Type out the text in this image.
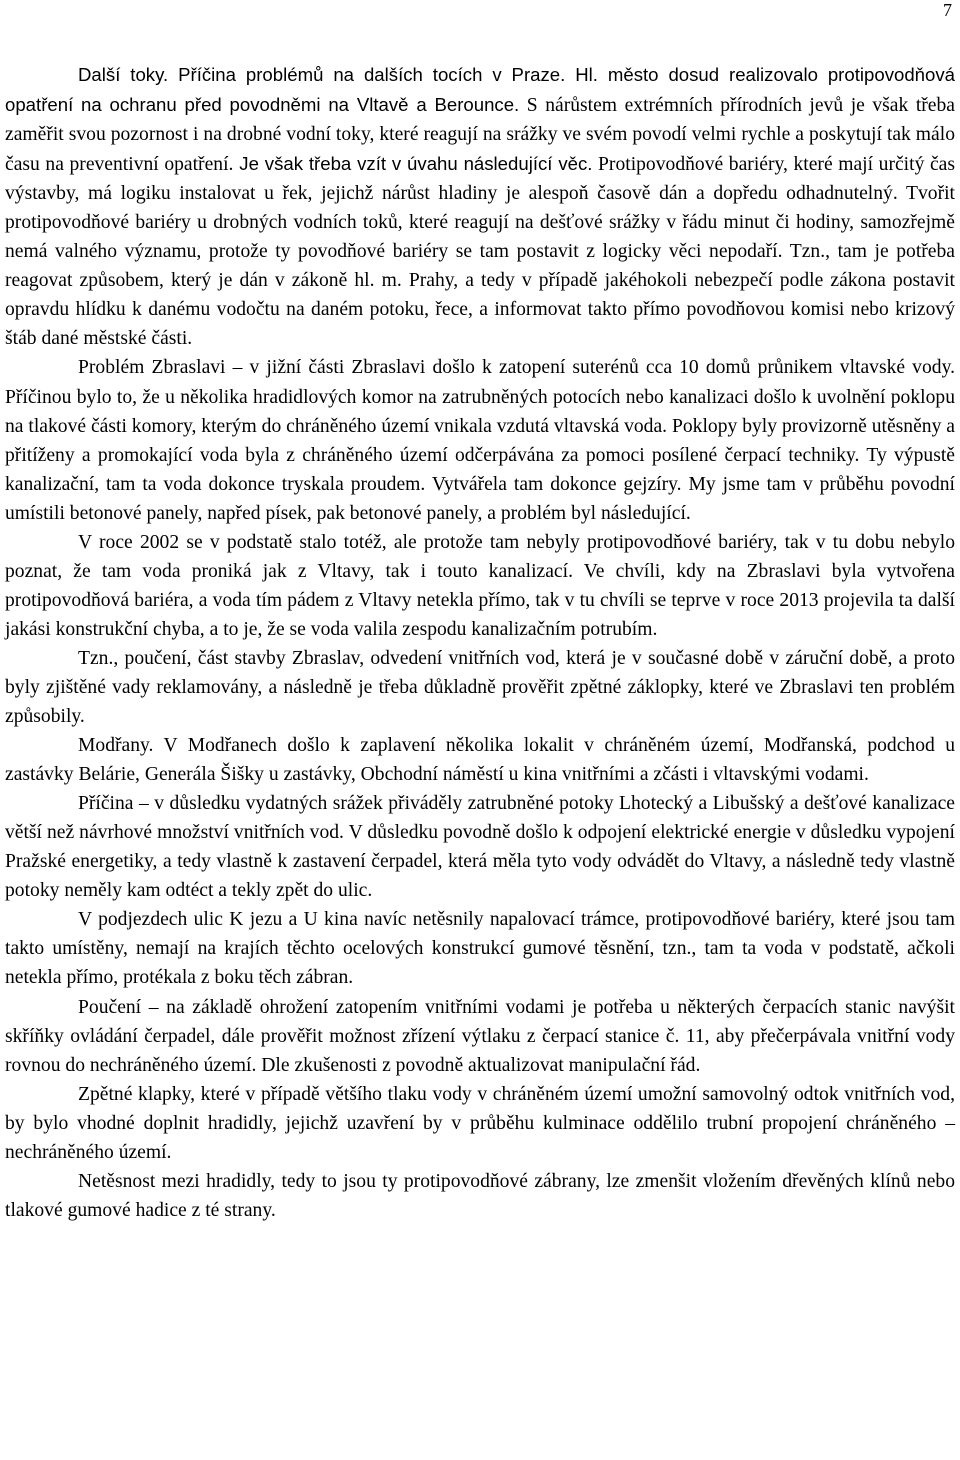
7

Další toky. Příčina problémů na dalších tocích v Praze. Hl. město dosud realizovalo protipovodňová opatření na ochranu před povodněmi na Vltavě a Berounce. S nárůstem extrémních přírodních jevů je však třeba zaměřit svou pozornost i na drobné vodní toky, které reagují na srážky ve svém povodí velmi rychle a poskytují tak málo času na preventivní opatření. Je však třeba vzít v úvahu následující věc. Protipovodňové bariéry, které mají určitý čas výstavby, má logiku instalovat u řek, jejichž nárůst hladiny je alespoň časově dán a dopředu odhadnutelný. Tvořit protipovodňové bariéry u drobných vodních toků, které reagují na dešťové srážky v řádu minut či hodiny, samozřejmě nemá valného významu, protože ty povodňové bariéry se tam postavit z logicky věci nepodaří. Tzn., tam je potřeba reagovat způsobem, který je dán v zákoně hl. m. Prahy, a tedy v případě jakéhokoli nebezpečí podle zákona postavit opravdu hlídku k danému vodočtu na daném potoku, řece, a informovat takto přímo povodňovou komisi nebo krizový štáb dané městské části.

Problém Zbraslavi – v jižní části Zbraslavi došlo k zatopení suterénů cca 10 domů průnikem vltavské vody. Příčinou bylo to, že u několika hradidlových komor na zatrubněných potocích nebo kanalizaci došlo k uvolnění poklopu na tlakové části komory, kterým do chráněného území vnikala vzdutá vltavská voda. Poklopy byly provizorně utěsněny a přitíženy a promokající voda byla z chráněného území odčerpávána za pomoci posílené čerpací techniky. Ty výpustě kanalizační, tam ta voda dokonce tryskala proudem. Vytvářela tam dokonce gejzíry. My jsme tam v průběhu povodní umístili betonové panely, napřed písek, pak betonové panely, a problém byl následující.

V roce 2002 se v podstatě stalo totéž, ale protože tam nebyly protipovodňové bariéry, tak v tu dobu nebylo poznat, že tam voda proniká jak z Vltavy, tak i touto kanalizací. Ve chvíli, kdy na Zbraslavi byla vytvořena protipovodňová bariéra, a voda tím pádem z Vltavy netekla přímo, tak v tu chvíli se teprve v roce 2013 projevila ta další jakási konstrukční chyba, a to je, že se voda valila zespodu kanalizačním potrubím.

Tzn., poučení, část stavby Zbraslav, odvedení vnitřních vod, která je v současné době v záruční době, a proto byly zjištěné vady reklamovány, a následně je třeba důkladně prověřit zpětné záklopky, které ve Zbraslavi ten problém způsobily.

Modřany. V Modřanech došlo k zaplavení několika lokalit v chráněném území, Modřanská, podchod u zastávky Belárie, Generála Šišky u zastávky, Obchodní náměstí u kina vnitřními a zčásti i vltavskými vodami.

Příčina – v důsledku vydatných srážek přiváděly zatrubněné potoky Lhotecký a Libušský a dešťové kanalizace větší než návrhové množství vnitřních vod. V důsledku povodně došlo k odpojení elektrické energie v důsledku vypojení Pražské energetiky, a tedy vlastně k zastavení čerpadel, která měla tyto vody odvádět do Vltavy, a následně tedy vlastně potoky neměly kam odtéct a tekly zpět do ulic.

V podjezdech ulic K jezu a U kina navíc netěsnily napalovací trámce, protipovodňové bariéry, které jsou tam takto umístěny, nemají na krajích těchto ocelových konstrukcí gumové těsnění, tzn., tam ta voda v podstatě, ačkoli netekla přímo, protékala z boku těch zábran.

Poučení – na základě ohrožení zatopením vnitřními vodami je potřeba u některých čerpacích stanic navýšit skříňky ovládání čerpadel, dále prověřit možnost zřízení výtlaku z čerpací stanice č. 11, aby přečerpávala vnitřní vody rovnou do nechráněného území. Dle zkušenosti z povodně aktualizovat manipulační řád.

Zpětné klapky, které v případě většího tlaku vody v chráněném území umožní samovolný odtok vnitřních vod, by bylo vhodné doplnit hradidly, jejichž uzavření by v průběhu kulminace oddělilo trubní propojení chráněného – nechráněného území.

Netěsnost mezi hradidly, tedy to jsou ty protipovodňové zábrany, lze zmenšit vložením dřevěných klínů nebo tlakové gumové hadice z té strany.
